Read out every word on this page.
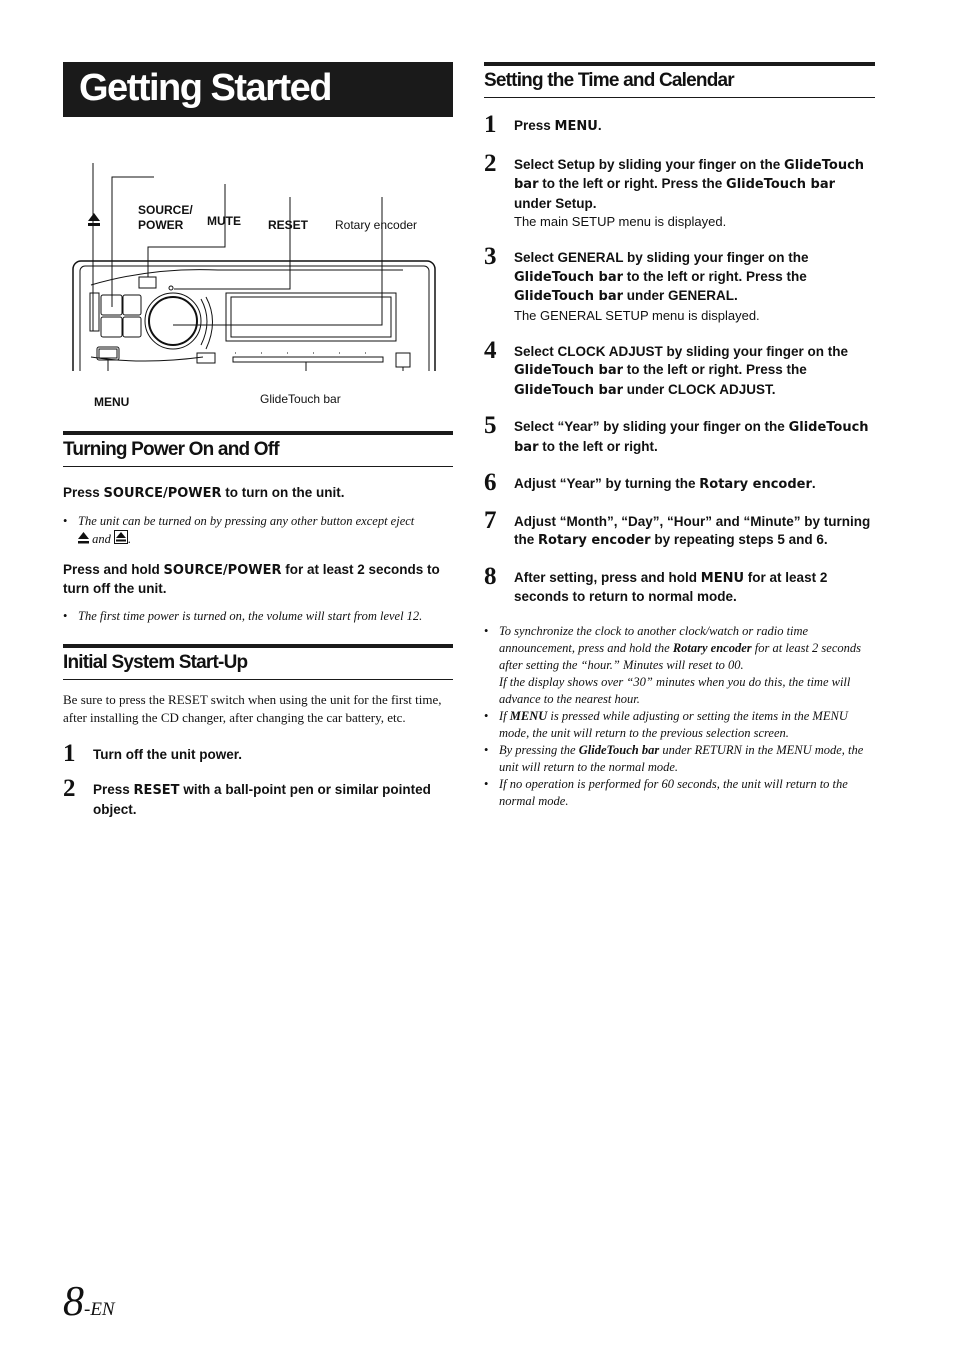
Getting Started
SOURCE/ POWER	MUTE RESET Rotary encoder
MENU	GlideTouch bar
Turning Power On and Off

Press SOURCE/POWER to turn on the unit.

• The unit can be turned on by pressing any other button except eject
and .

Press and hold SOURCE/POWER for at least 2 seconds to turn off the unit.

• The first time power is turned on, the volume will start from level 12.

Initial System Start-Up

Be sure to press the RESET switch when using the unit for the first time, after installing the CD changer, after changing the car battery, etc.

1 Turn off the unit power.
2 Press RESET with a ball-point pen or similar pointed object.
Setting the Time and Calendar
1 Press MENU.
2 Select Setup by sliding your finger on the GlideTouch bar to the left or right. Press the GlideTouch bar under Setup.
The main SETUP menu is displayed.
3 Select GENERAL by sliding your finger on the GlideTouch bar to the left or right. Press the GlideTouch bar under GENERAL.
The GENERAL SETUP menu is displayed.
4 Select CLOCK ADJUST by sliding your finger on the GlideTouch bar to the left or right. Press the GlideTouch bar under CLOCK ADJUST.
5 Select “Year” by sliding your finger on the GlideTouch bar to the left or right.
6 Adjust “Year” by turning the Rotary encoder.
7 Adjust “Month”, “Day”, “Hour” and “Minute” by turning the Rotary encoder by repeating steps 5 and 6.
8 After setting, press and hold MENU for at least 2 seconds to return to normal mode.

• To synchronize the clock to another clock/watch or radio time announcement, press and hold the Rotary encoder for at least 2 seconds after setting the “hour.” Minutes will reset to 00.
If the display shows over “30” minutes when you do this, the time will advance to the nearest hour.

• If MENU is pressed while adjusting or setting the items in the MENU mode, the unit will return to the previous selection screen.

• By pressing the GlideTouch bar under RETURN in the MENU mode, the unit will return to the normal mode.

• If no operation is performed for 60 seconds, the unit will return to the normal mode.

8-EN
